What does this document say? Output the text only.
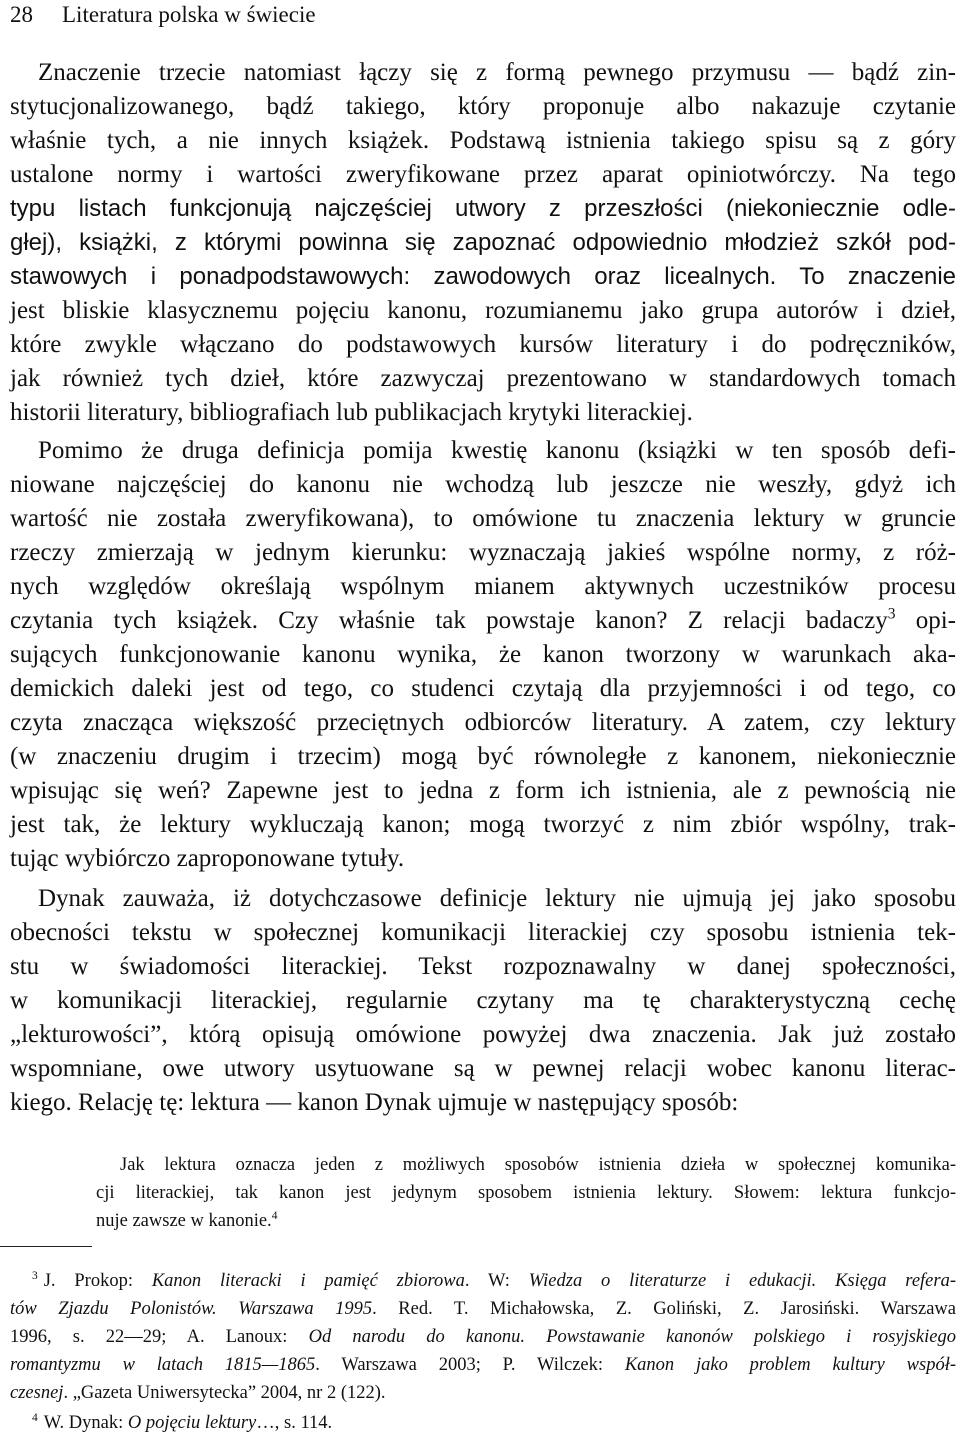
28 Literatura polska w świecie
Znaczenie trzecie natomiast łączy się z formą pewnego przymusu — bądź zin-
stytucjonalizowanego, bądź takiego, który proponuje albo nakazuje czytanie
właśnie tych, a nie innych książek. Podstawą istnienia takiego spisu są z góry
ustalone normy i wartości zweryfikowane przez aparat opiniotwórczy. Na tego
typu listach funkcjonują najczęściej utwory z przeszłości (niekoniecznie odle-
głej), książki, z którymi powinna się zapoznać odpowiednio młodzież szkół pod-
stawowych i ponadpodstawowych: zawodowych oraz licealnych. To znaczenie
jest bliskie klasycznemu pojęciu kanonu, rozumianemu jako grupa autorów i dzieł,
które zwykle włączano do podstawowych kursów literatury i do podręczników,
jak również tych dzieł, które zazwyczaj prezentowano w standardowych tomach
historii literatury, bibliografiach lub publikacjach krytyki literackiej.
Pomimo że druga definicja pomija kwestię kanonu (książki w ten sposób defi-
niowane najczęściej do kanonu nie wchodzą lub jeszcze nie weszły, gdyż ich
wartość nie została zweryfikowana), to omówione tu znaczenia lektury w gruncie
rzeczy zmierzają w jednym kierunku: wyznaczają jakieś wspólne normy, z róż-
nych względów określają wspólnym mianem aktywnych uczestników procesu
czytania tych książek. Czy właśnie tak powstaje kanon? Z relacji badaczy$^3$ opi-
sujących funkcjonowanie kanonu wynika, że kanon tworzony w warunkach aka-
demickich daleki jest od tego, co studenci czytają dla przyjemności i od tego, co
czyta znacząca większość przeciętnych odbiorców literatury. A zatem, czy lektury
(w znaczeniu drugim i trzecim) mogą być równoległe z kanonem, niekoniecznie
wpisując się weń? Zapewne jest to jedna z form ich istnienia, ale z pewnością nie
jest tak, że lektury wykluczają kanon; mogą tworzyć z nim zbiór wspólny, trak-
tując wybiórczo zaproponowane tytuły.
Dynak zauważa, iż dotychczasowe definicje lektury nie ujmują jej jako sposobu
obecności tekstu w społecznej komunikacji literackiej czy sposobu istnienia tek-
stu w świadomości literackiej. Tekst rozpoznawalny w danej społeczności,
w komunikacji literackiej, regularnie czytany ma tę charakterystyczną cechę
„lekturowości”, którą opisują omówione powyżej dwa znaczenia. Jak już zostało
wspomniane, owe utwory usytuowane są w pewnej relacji wobec kanonu literac-
kiego. Relację tę: lektura — kanon Dynak ujmuje w następujący sposób:
Jak lektura oznacza jeden z możliwych sposobów istnienia dzieła w społecznej komunika-
cji literackiej, tak kanon jest jedynym sposobem istnienia lektury. Słowem: lektura funkcjo-
nuje zawsze w kanonie.$^4$
$^3$ J. Prokop: Kanon literacki i pamięć zbiorowa. W: Wiedza o literaturze i edukacji. Księga refera-
tów Zjazdu Polonistów. Warszawa 1995. Red. T. Michałowska, Z. Goliński, Z. Jarosiński. Warszawa
1996, s. 22—29; A. Lanoux: Od narodu do kanonu. Powstawanie kanonów polskiego i rosyjskiego
romantyzmu w latach 1815—1865. Warszawa 2003; P. Wilczek: Kanon jako problem kultury współ-
czesnej. „Gazeta Uniwersytecka” 2004, nr 2 (122).
$^4$ W. Dynak: O pojęciu lektury…, s. 114.
